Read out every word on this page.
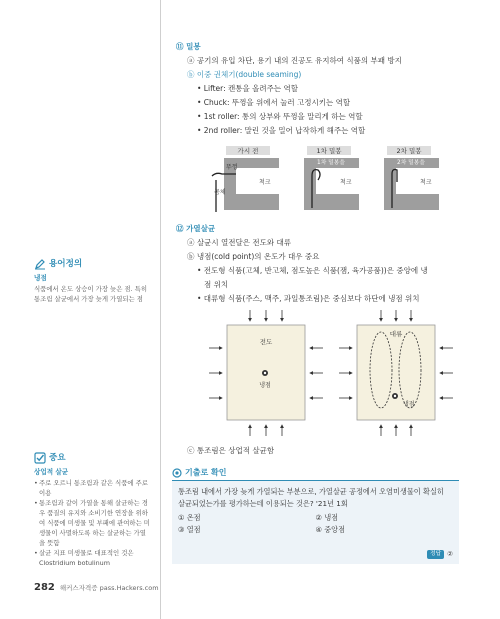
용어정의
냉점
식품에서 온도 상승이 가장 늦은 점. 특히 통조림 살균에서 가장 늦게 가열되는 점
중요
상업적 살균
• 주로 오르니 통조림과 같은 식품에 주로 이용
• 통조림과 같이 가열을 통해 살균하는 경우 품질의 유지와 소비기한 연장을 위하여 식품에 미생물 및 부패에 관여하는 미생물이 사멸하도록 하는 살균하는 가열을 뜻함
• 살균 지표 미생물로 대표적인 것은 Clostridium botulinum
⑪ 밀봉
ⓐ 공기의 유입 차단, 용기 내의 진공도 유지하여 식품의 부패 방지
ⓑ 이중 권체기(double seaming)
• Lifter: 캔통을 올려주는 역할
• Chuck: 뚜껑을 위에서 눌러 고정시키는 역할
• 1st roller: 통의 상부와 뚜껑을 말리게 하는 역할
• 2nd roller: 말린 것을 밀어 납작하게 해주는 역할
가시 전	1차 밀봉	2차 밀봉
뚜껑
몸체
척크
1차 밀봉을
척크
2차 밀봉을
척크
⑫ 가열살균
ⓐ 살균시 열전달은 전도와 대류
ⓑ 냉점(cold point)의 온도가 대우 중요
• 전도형 식품(고체, 반고체, 점도높은 식품(잼, 육가공품))은 중앙에 냉
점 위치
• 대류형 식품(주스, 맥주, 과일통조림)은 중심보다 하단에 냉점 위치
전도
냉점
대류
냉점
ⓒ 통조림은 상업적 살균함
기출로 확인
통조림 내에서 가장 늦게 가열되는 부분으로, 가열살균 공정에서 오염미생물이 확실히 살균되었는가를 평가하는데 이용되는 것은? '21년 1회
① 온점	② 냉점
③ 열점	④ 중앙점
정답 ②
282 해커스자격증 pass.Hackers.com
